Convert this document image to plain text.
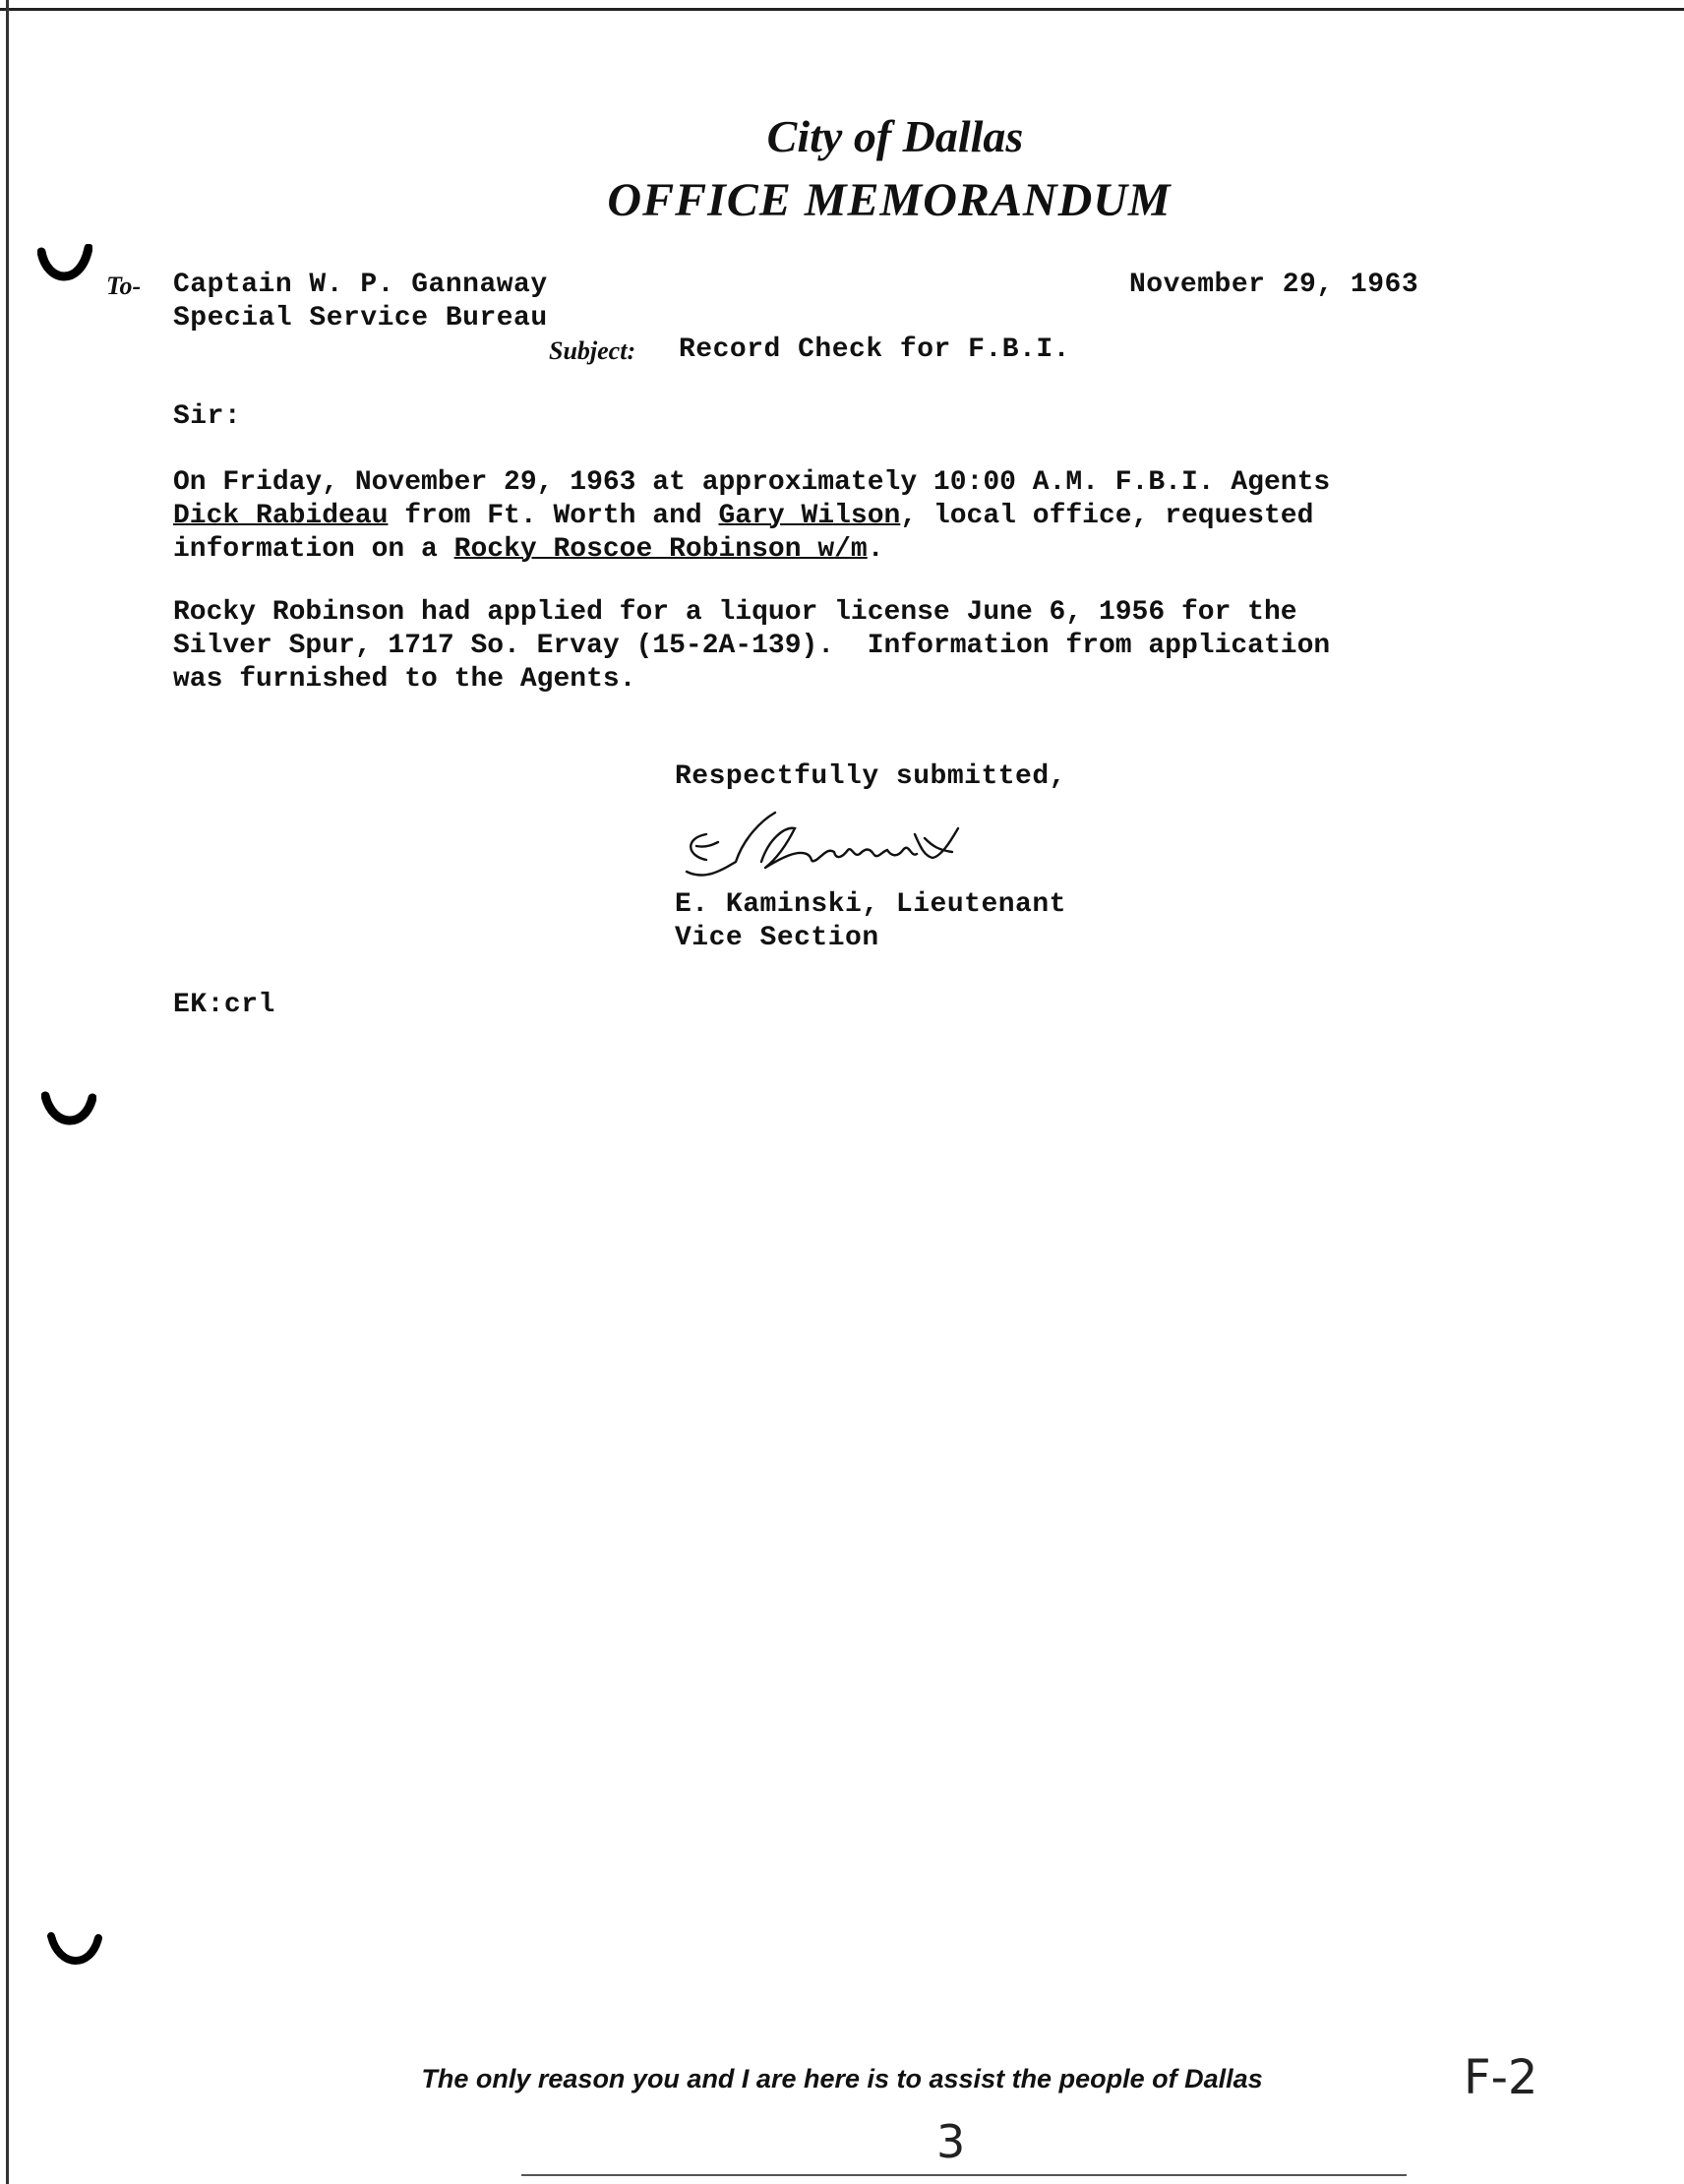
City of Dallas
OFFICE MEMORANDUM
To- Captain W. P. Gannaway
Special Service Bureau
November 29, 1963
Subject: Record Check for F.B.I.
Sir:
On Friday, November 29, 1963 at approximately 10:00 A.M. F.B.I. Agents
Dick Rabideau from Ft. Worth and Gary Wilson, local office, requested
information on a Rocky Roscoe Robinson w/m.
Rocky Robinson had applied for a liquor license June 6, 1956 for the
Silver Spur, 1717 So. Ervay (15-2A-139).  Information from application
was furnished to the Agents.
Respectfully submitted,
E. Kaminski, Lieutenant
Vice Section
EK:crl
The only reason you and I are here is to assist the people of Dallas
3
F-2
